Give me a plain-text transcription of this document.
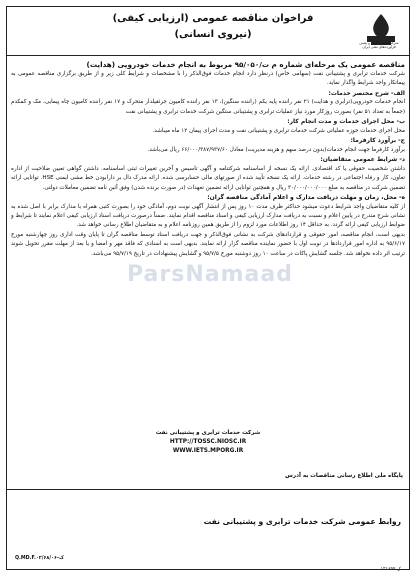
شرکت ملی پالایش و پخش فرآورده‌های نفتی ایران
فراخوان مناقصه عمومی (ارزیابی کیفی)
(نیروی انسانی)

مناقصه عمومی یک مرحله‌ای شماره م ت/۹۵/۰۵۰ مربوط به انجام خدمات خودرویی (هدایت)

شرکت خدمات ترابری و پشتیبانی نفت (سهامی خاص) درنظر دارد انجام خدمات فوق‌الذکر را با مشخصات و شرایط کلی زیر و از طریق برگزاری مناقصه عمومی به پیمانکار واجد شرایط واگذار نماید.

الف- شرح مختصر خدمات:

انجام خدمات خودرویی(ترابری و هدایت) ۲۱ نفر راننده پایه یکم (راننده سنگین)، ۱۳ نفر راننده کامیون جرثقیلدار متحرک و ۱۷ نفر راننده کامیون چاه پیمایی، مک و کمکدم (جمعاً به تعداد ۵۱ نفر) بصورت روزکار مورد نیاز عملیات ترابری و پشتیبانی ستگین شرکت خدمات ترابری و پشتیبانی نفت

ب- محل اجرای خدمات و مدت انجام کار:

محل اجرای خدمات حوزه عملیاتی شرکت خدمات ترابری و پشتیبانی نفت و مدت اجرای پیمان ۱۲ ماه میباشد.

ج- برآورد کارفرما:

برآورد کارفرما جهت انجام خدمات(بدون درصد سهم و هزینه مدیریت) معادل ۶۶/۰۰۰/۳۸۷/۹۳۷/۶۰ ریال می‌باشد.

د- شرایط عمومی متقاضیان:

داشتن شخصیت حقوقی یا کد اقتصادی. ارائه یک نسخه از اساسنامه شرکتنامه و آگهی تاسیس و آخرین تغییرات ثبتی اساسنامه. داشتن گواهی تعیین صلاحیت از اداره تعاون، کار و رفاه اجتماعی در رشته خدمات. ارائه یک نسخه تأیید شده از صورتهای مالی حسابرسی شده. ارائه مدرک دال بر دارابودن خط مشی ایمنی HSE. توانایی ارائه تضمین شرکت در مناقصه به مبلغ ۳۰/۰۰۰/۰۰۰/۰۰۰ ریال و همچنین توانایی ارائه تضمین تعهدات (در صورت برنده شدن) وفق آئین نامه تضمین معاملات دولتی.

ه- محل، زمان و مهلت دریافت مدارک و اعلام آمادگی مناقصه گران:

از کلیه متقاضیان واجد شرایط دعوت میشود حداکثر ظرف مدت ۱۰ روز پس از انتشار آگهی نوبت دوم، آمادگی خود را بصورت کتبی همراه با مدارک برابر با اصل شده به نشانی شرح مندرج در پایین اعلام و نسبت به دریافت مدارک ارزیابی کیفی و اسناد مناقصه اقدام نمایند. ضمناً درصورت دریافت اسناد ارزیابی کیفی اعلام نمایند تا شرایط و ضوابط ارزیابی کیفی ارائه گردد. به حداقل ۱۴ روز اطلاعات مورد لزوم را از طریق همین روزنامه اعلام و به متقاضیان اطلاع رسانی خواهد شد.

بدیهی است، انجام مناقصه، امور حقوقی و قراردادهای شرکت به نشانی فوق‌الذکر و جهت دریافت اسناد توسط مناقصه گران تا پایان وقت اداری روز چهارشنبه مورخ ۹۵/۶/۱۷ به اداره امور قراردادها در نوبت اول با حضور نماینده مناقصه گزار ارائه نمایند. بدیهی است به اسنادی که فاقد مهر و امضا و یا بعد از مهلت مقرر تحویل شوند ترتیب اثر داده نخواهد شد. جلسه گشایش پاکات در ساعت ۱۰ روز دوشنبه مورخ ۹۵/۷/۵ و گشایش پیشنهادات در تاریخ ۹۵/۷/۱۹ می‌باشد.

شرکت خدمات ترابری و پشتیبانی نفت
HTTP://TOSSC.NIOSC.IR
WWW.IETS.MPORG.IR
پایگاه ملی اطلاع رسانی مناقصات به آدرس
روابط عمومی شرکت خدمات ترابری و پشتیبانی نفت
Q.MD.F.۰۲/۶۸/۰۶-ک
ک ۱۲۱۶۹۴
ParsNamaad
